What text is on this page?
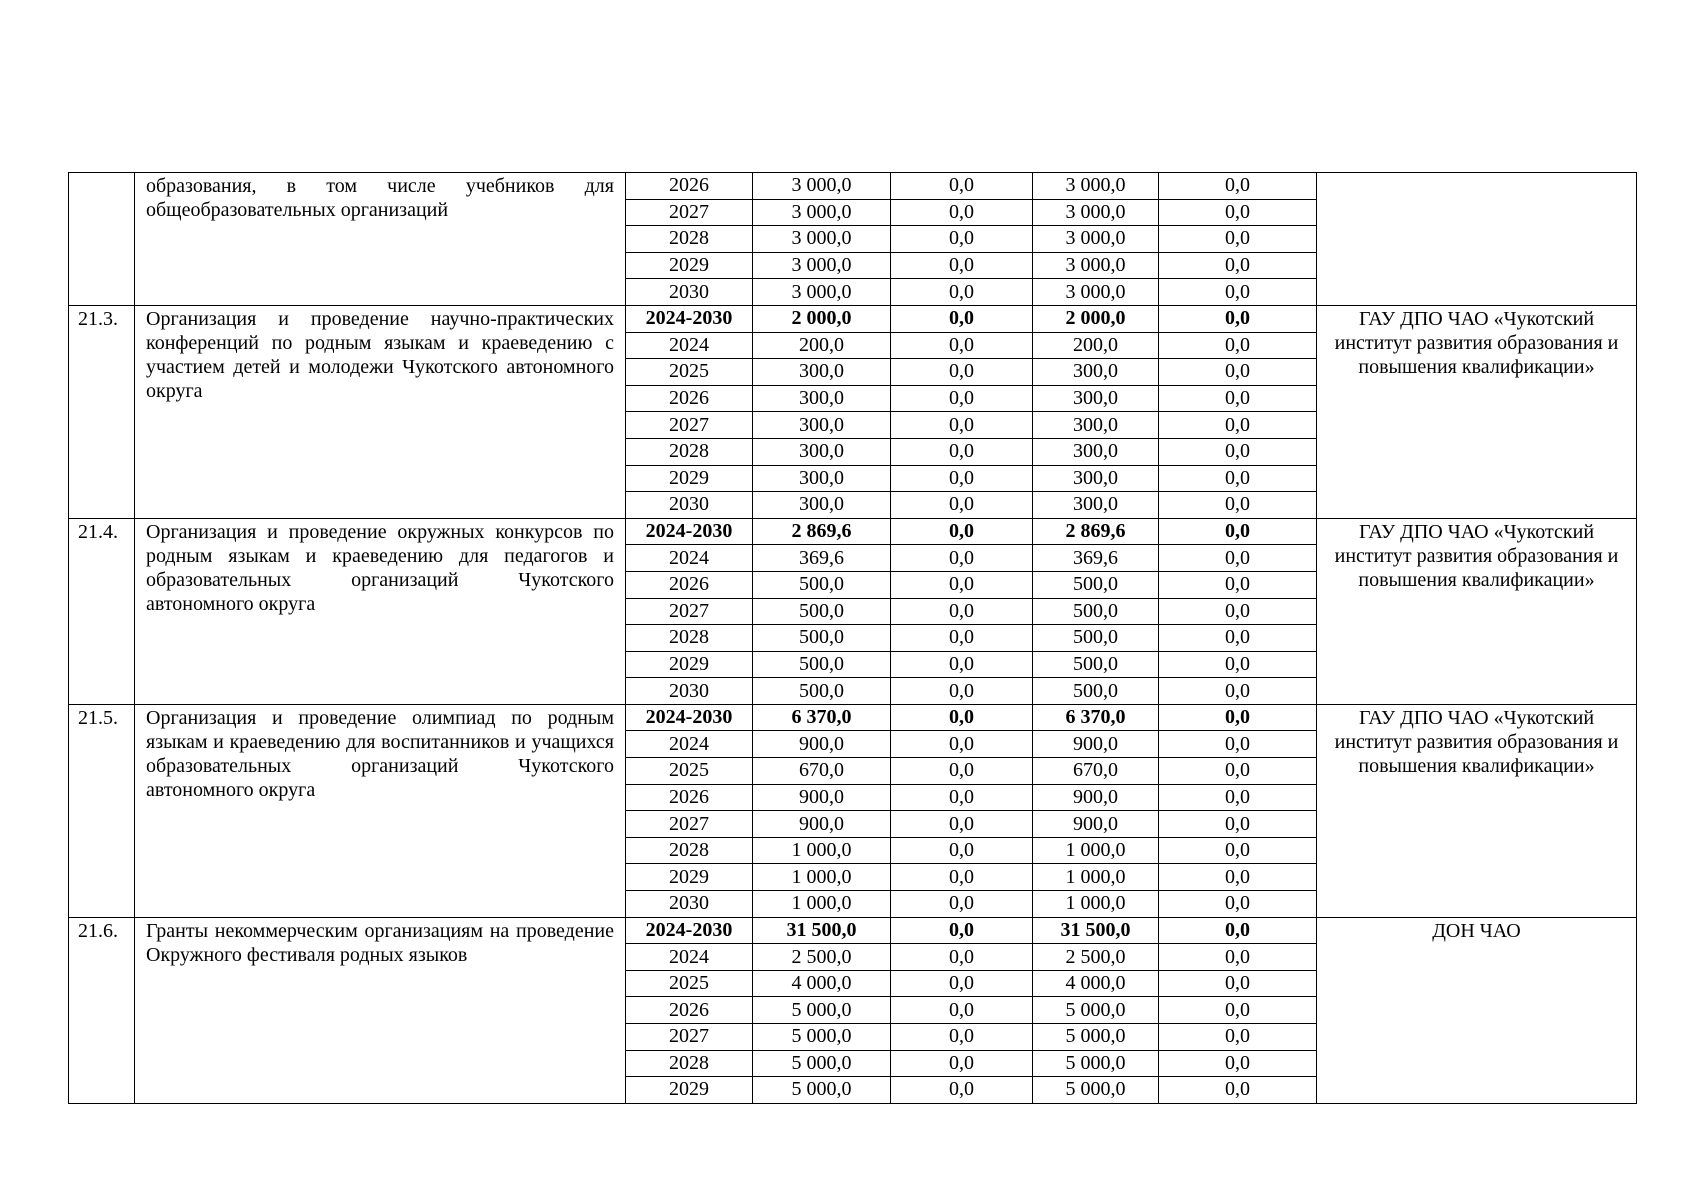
	образования, в том числе учебников для общеобразовательных организаций	2026	3 000,0	0,0	3 000,0	0,0	
		2027	3 000,0	0,0	3 000,0	0,0	
		2028	3 000,0	0,0	3 000,0	0,0	
		2029	3 000,0	0,0	3 000,0	0,0	
		2030	3 000,0	0,0	3 000,0	0,0	
21.3.	Организация и проведение научно-практических конференций по родным языкам и краеведению с участием детей и молодежи Чукотского автономного округа	2024-2030	2 000,0	0,0	2 000,0	0,0	ГАУ ДПО ЧАО «Чукотский институт развития образования и повышения квалификации»
		2024	200,0	0,0	200,0	0,0	
		2025	300,0	0,0	300,0	0,0	
		2026	300,0	0,0	300,0	0,0	
		2027	300,0	0,0	300,0	0,0	
		2028	300,0	0,0	300,0	0,0	
		2029	300,0	0,0	300,0	0,0	
		2030	300,0	0,0	300,0	0,0	
21.4.	Организация и проведение окружных конкурсов по родным языкам и краеведению для педагогов и образовательных организаций Чукотского автономного округа	2024-2030	2 869,6	0,0	2 869,6	0,0	ГАУ ДПО ЧАО «Чукотский институт развития образования и повышения квалификации»
		2024	369,6	0,0	369,6	0,0	
		2026	500,0	0,0	500,0	0,0	
		2027	500,0	0,0	500,0	0,0	
		2028	500,0	0,0	500,0	0,0	
		2029	500,0	0,0	500,0	0,0	
		2030	500,0	0,0	500,0	0,0	
21.5.	Организация и проведение олимпиад по родным языкам и краеведению для воспитанников и учащихся образовательных организаций Чукотского автономного округа	2024-2030	6 370,0	0,0	6 370,0	0,0	ГАУ ДПО ЧАО «Чукотский институт развития образования и повышения квалификации»
		2024	900,0	0,0	900,0	0,0	
		2025	670,0	0,0	670,0	0,0	
		2026	900,0	0,0	900,0	0,0	
		2027	900,0	0,0	900,0	0,0	
		2028	1 000,0	0,0	1 000,0	0,0	
		2029	1 000,0	0,0	1 000,0	0,0	
		2030	1 000,0	0,0	1 000,0	0,0	
21.6.	Гранты некоммерческим организациям на проведение Окружного фестиваля родных языков	2024-2030	31 500,0	0,0	31 500,0	0,0	ДОН ЧАО
		2024	2 500,0	0,0	2 500,0	0,0	
		2025	4 000,0	0,0	4 000,0	0,0	
		2026	5 000,0	0,0	5 000,0	0,0	
		2027	5 000,0	0,0	5 000,0	0,0	
		2028	5 000,0	0,0	5 000,0	0,0	
		2029	5 000,0	0,0	5 000,0	0,0	
